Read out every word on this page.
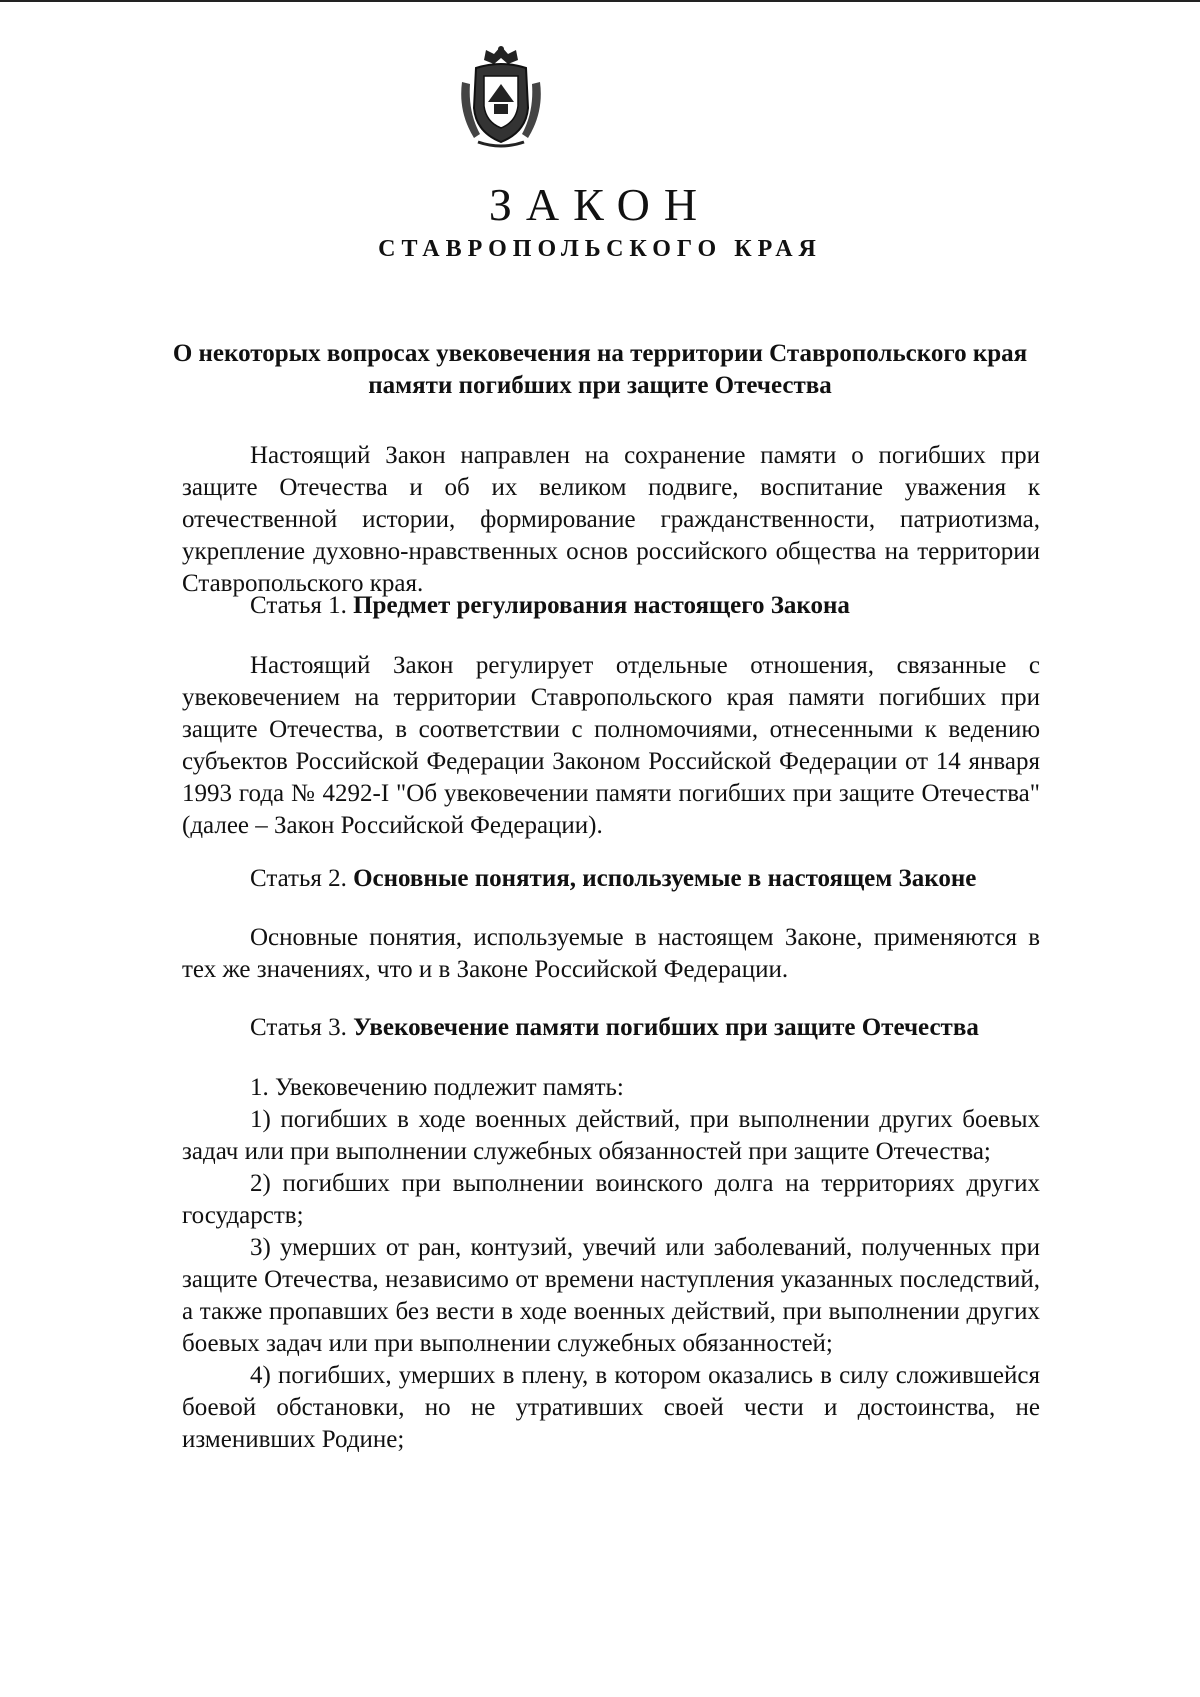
ЗАКОН
СТАВРОПОЛЬСКОГО КРАЯ
О некоторых вопросах увековечения на территории Ставропольского края
памяти погибших при защите Отечества

Настоящий Закон направлен на сохранение памяти о погибших при защите Отечества и об их великом подвиге, воспитание уважения к отечественной истории, формирование гражданственности, патриотизма, укрепление духовно-нравственных основ российского общества на территории Ставропольского края.

Статья 1. Предмет регулирования настоящего Закона

Настоящий Закон регулирует отдельные отношения, связанные с увековечением на территории Ставропольского края памяти погибших при защите Отечества, в соответствии с полномочиями, отнесенными к ведению субъектов Российской Федерации Законом Российской Федерации от 14 января 1993 года № 4292-I "Об увековечении памяти погибших при защите Отечества" (далее – Закон Российской Федерации).

Статья 2. Основные понятия, используемые в настоящем Законе

Основные понятия, используемые в настоящем Законе, применяются в тех же значениях, что и в Законе Российской Федерации.

Статья 3. Увековечение памяти погибших при защите Отечества

1. Увековечению подлежит память:

1) погибших в ходе военных действий, при выполнении других боевых задач или при выполнении служебных обязанностей при защите Отечества;

2) погибших при выполнении воинского долга на территориях других государств;

3) умерших от ран, контузий, увечий или заболеваний, полученных при защите Отечества, независимо от времени наступления указанных последствий, а также пропавших без вести в ходе военных действий, при выполнении других боевых задач или при выполнении служебных обязанностей;

4) погибших, умерших в плену, в котором оказались в силу сложившейся боевой обстановки, но не утративших своей чести и достоинства, не изменивших Родине;
